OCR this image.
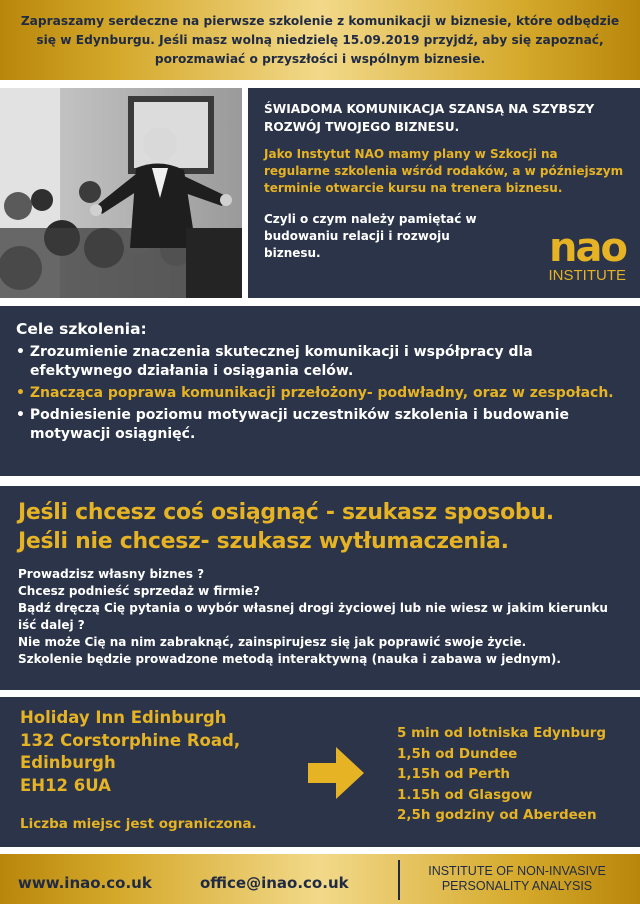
Zapraszamy serdeczne na pierwsze szkolenie z komunikacji w biznesie, które odbędzie się w Edynburgu. Jeśli masz wolną niedzielę 15.09.2019 przyjdź, aby się zapoznać, porozmawiać o przyszłości i wspólnym biznesie.

ŚWIADOMA KOMUNIKACJA SZANSĄ NA SZYBSZY ROZWÓJ TWOJEGO BIZNESU.

Jako Instytut NAO mamy plany w Szkocji na regularne szkolenia wśród rodaków, a w późniejszym terminie otwarcie kursu na trenera biznesu.

Czyli o czym należy pamiętać w budowaniu relacji i rozwoju biznesu.	nao
INSTITUTE

Cele szkolenia:

• Zrozumienie znaczenia skutecznej komunikacji i współpracy dla efektywnego działania i osiągania celów.

• Znacząca poprawa komunikacji przełożony- podwładny, oraz w zespołach.

• Podniesienie poziomu motywacji uczestników szkolenia i budowanie motywacji osiągnięć.

Jeśli chcesz coś osiągnąć - szukasz sposobu.

Jeśli nie chcesz- szukasz wytłumaczenia.

Prowadzisz własny biznes ?

Chcesz podnieść sprzedaż w firmie?

Bądź dręczą Cię pytania o wybór własnej drogi życiowej lub nie wiesz w jakim kierunku iść dalej ?

Nie może Cię na nim zabraknąć, zainspirujesz się jak poprawić swoje życie.

Szkolenie będzie prowadzone metodą interaktywną (nauka i zabawa w jednym).

Holiday Inn Edinburgh

132 Corstorphine Road,

Edinburgh

EH12 6UA

Liczba miejsc jest ograniczona.

5 min od lotniska Edynburg

1,5h od Dundee

1,15h od Perth

1.15h od Glasgow

2,5h godziny od Aberdeen

www.inao.co.uk	office@inao.co.uk
INSTITUTE OF NON-INVASIVE
PERSONALITY ANALYSIS
